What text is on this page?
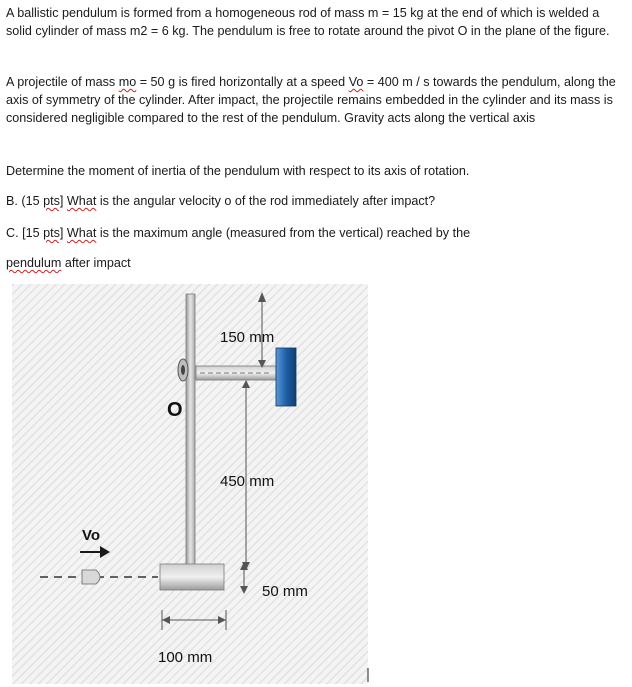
A ballistic pendulum is formed from a homogeneous rod of mass m = 15 kg at the end of which is welded a solid cylinder of mass m2 = 6 kg. The pendulum is free to rotate around the pivot O in the plane of the figure.
A projectile of mass mo = 50 g is fired horizontally at a speed Vo = 400 m / s towards the pendulum, along the axis of symmetry of the cylinder. After impact, the projectile remains embedded in the cylinder and its mass is considered negligible compared to the rest of the pendulum. Gravity acts along the vertical axis
Determine the moment of inertia of the pendulum with respect to its axis of rotation.
B. (15 pts] What is the angular velocity o of the rod immediately after impact?
C. [15 pts] What is the maximum angle (measured from the vertical) reached by the
pendulum after impact
O
Vo
150 mm
450 mm
50 mm
100 mm
